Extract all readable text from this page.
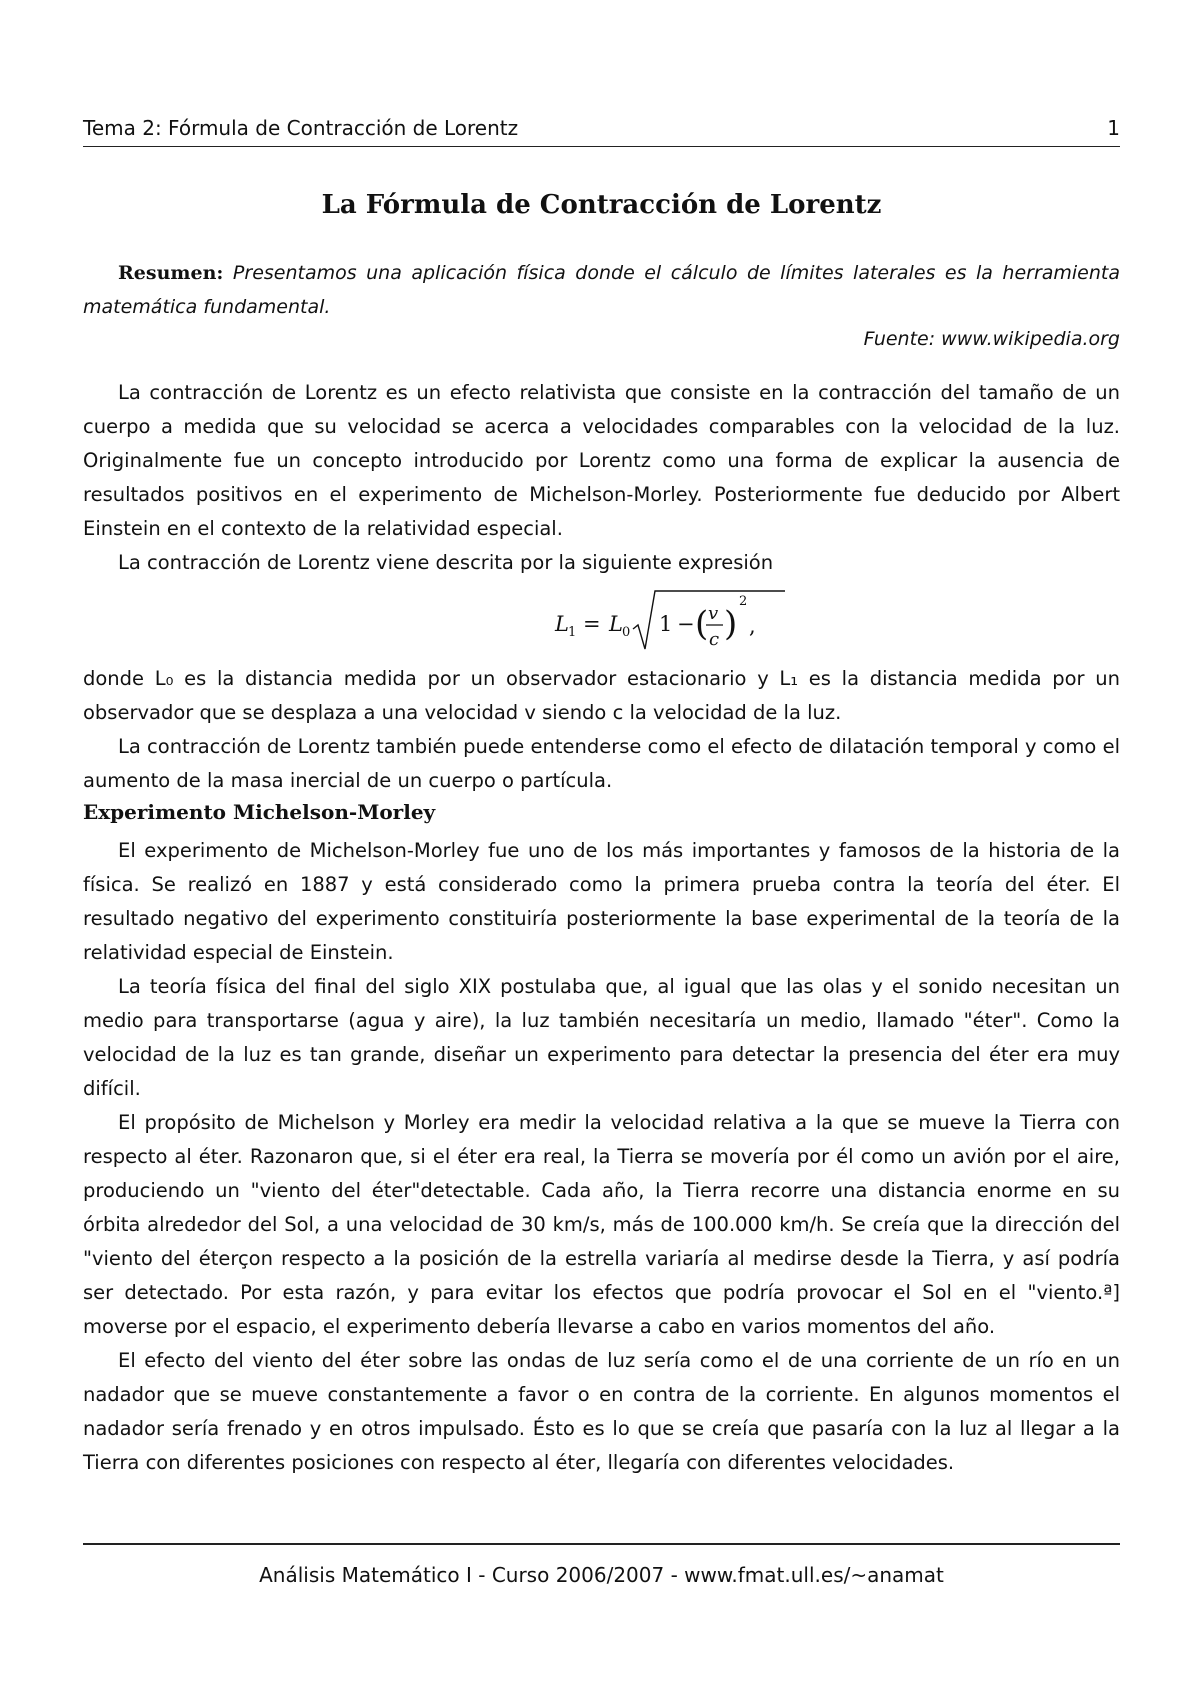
Tema 2: Fórmula de Contracción de Lorentz	1
La Fórmula de Contracción de Lorentz
Resumen: Presentamos una aplicación física donde el cálculo de límites laterales es la herramienta matemática fundamental.
Fuente: www.wikipedia.org

La contracción de Lorentz es un efecto relativista que consiste en la contracción del tamaño de un cuerpo a medida que su velocidad se acerca a velocidades comparables con la velocidad de la luz. Originalmente fue un concepto introducido por Lorentz como una forma de explicar la ausencia de resultados positivos en el experimento de Michelson-Morley. Posteriormente fue deducido por Albert Einstein en el contexto de la relatividad especial.

La contracción de Lorentz viene descrita por la siguiente expresión

L 1 = L 0 1 − ( v
c )
2
,

donde L₀ es la distancia medida por un observador estacionario y L₁ es la distancia medida por un observador que se desplaza a una velocidad v siendo c la velocidad de la luz.

La contracción de Lorentz también puede entenderse como el efecto de dilatación temporal y como el aumento de la masa inercial de un cuerpo o partícula.

Experimento Michelson-Morley

El experimento de Michelson-Morley fue uno de los más importantes y famosos de la historia de la física. Se realizó en 1887 y está considerado como la primera prueba contra la teoría del éter. El resultado negativo del experimento constituiría posteriormente la base experimental de la teoría de la relatividad especial de Einstein.

La teoría física del final del siglo XIX postulaba que, al igual que las olas y el sonido necesitan un medio para transportarse (agua y aire), la luz también necesitaría un medio, llamado "éter". Como la velocidad de la luz es tan grande, diseñar un experimento para detectar la presencia del éter era muy difícil.

El propósito de Michelson y Morley era medir la velocidad relativa a la que se mueve la Tierra con respecto al éter. Razonaron que, si el éter era real, la Tierra se movería por él como un avión por el aire, produciendo un "viento del éter"detectable. Cada año, la Tierra recorre una distancia enorme en su órbita alrededor del Sol, a una velocidad de 30 km/s, más de 100.000 km/h. Se creía que la dirección del "viento del éterçon respecto a la posición de la estrella variaría al medirse desde la Tierra, y así podría ser detectado. Por esta razón, y para evitar los efectos que podría provocar el Sol en el "viento.ª] moverse por el espacio, el experimento debería llevarse a cabo en varios momentos del año.

El efecto del viento del éter sobre las ondas de luz sería como el de una corriente de un río en un nadador que se mueve constantemente a favor o en contra de la corriente. En algunos momentos el nadador sería frenado y en otros impulsado. Ésto es lo que se creía que pasaría con la luz al llegar a la Tierra con diferentes posiciones con respecto al éter, llegaría con diferentes velocidades.

Análisis Matemático I - Curso 2006/2007 - www.fmat.ull.es/~anamat
